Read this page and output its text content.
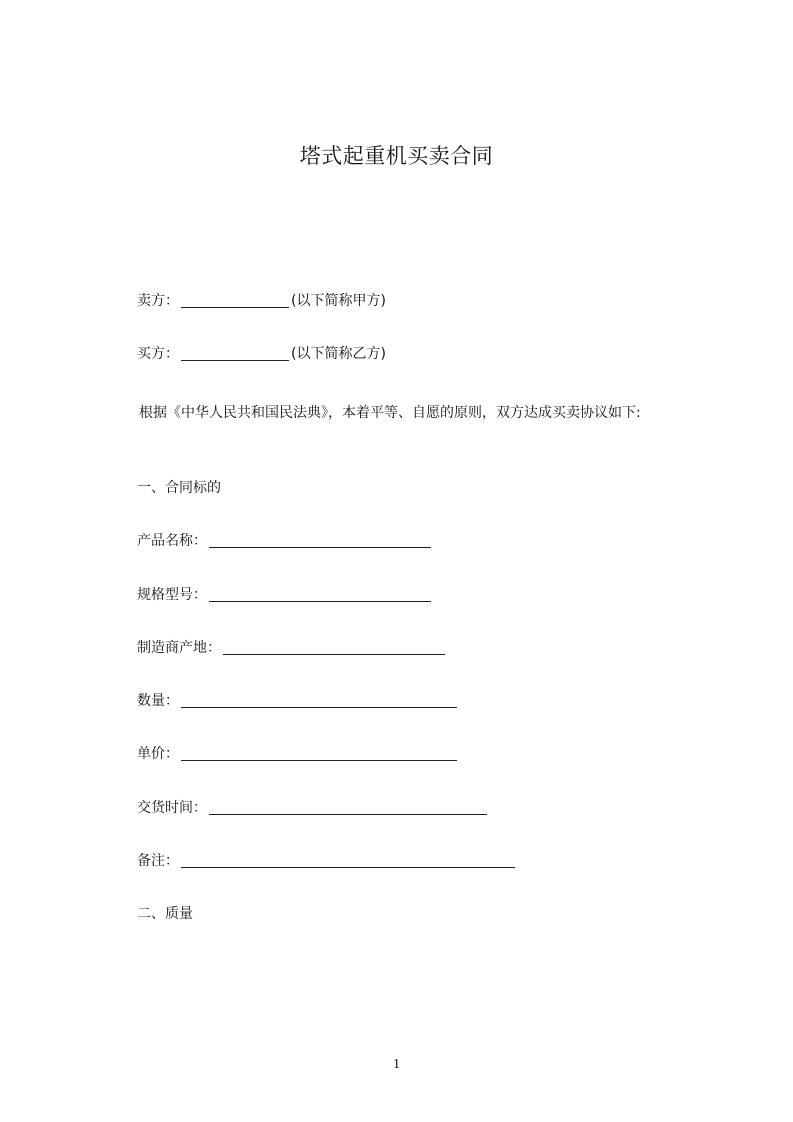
塔式起重机买卖合同
卖方：	(以下简称甲方)
买方：	(以下简称乙方)
根据《中华人民共和国民法典》，本着平等、自愿的原则，双方达成买卖协议如下:
一、合同标的
产品名称：
规格型号：
制造商产地：
数量：
单价：
交货时间：
备注：
二、质量
1
